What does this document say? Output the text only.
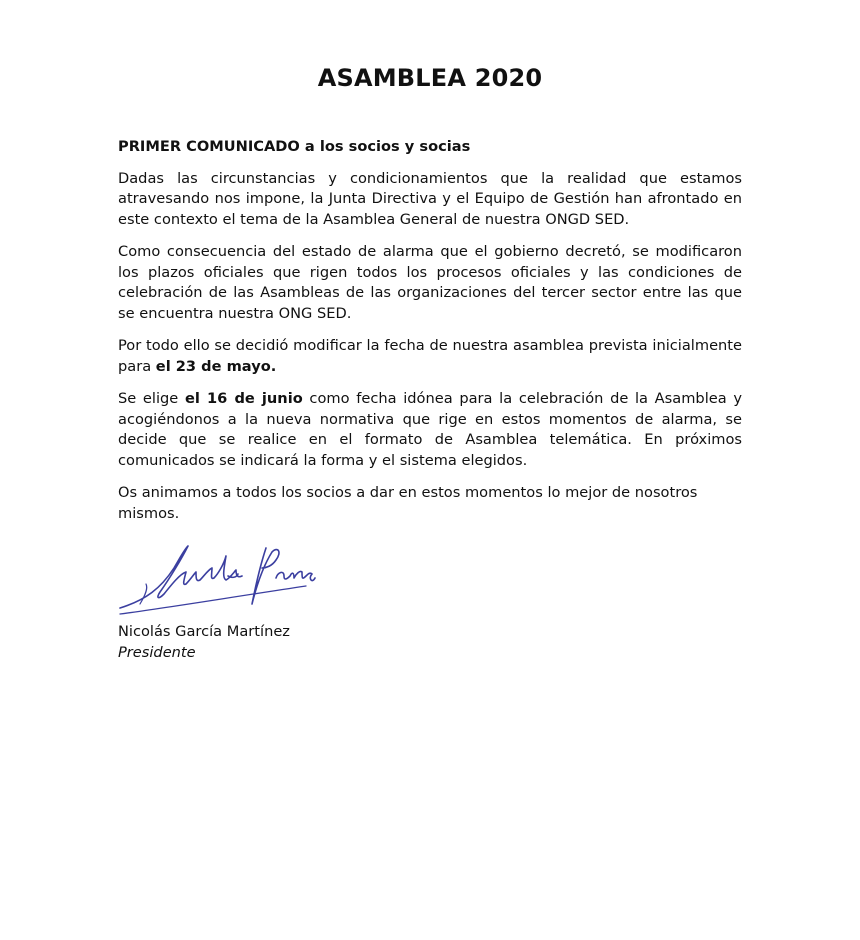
ASAMBLEA 2020

PRIMER COMUNICADO a los socios y socias

Dadas las circunstancias y condicionamientos que la realidad que estamos atravesando nos impone, la Junta Directiva y el Equipo de Gestión han afrontado en este contexto el tema de la Asamblea General de nuestra ONGD SED.

Como consecuencia del estado de alarma que el gobierno decretó, se modificaron los plazos oficiales que rigen todos los procesos oficiales y las condiciones de celebración de las Asambleas de las organizaciones del tercer sector entre las que se encuentra nuestra ONG SED.

Por todo ello se decidió modificar la fecha de nuestra asamblea prevista inicialmente para el 23 de mayo.

Se elige el 16 de junio como fecha idónea para la celebración de la Asamblea y acogiéndonos a la nueva normativa que rige en estos momentos de alarma, se decide que se realice en el formato de Asamblea telemática. En próximos comunicados se indicará la forma y el sistema elegidos.

Os animamos a todos los socios a dar en estos momentos lo mejor de nosotros mismos.

Nicolás García Martínez
Presidente
